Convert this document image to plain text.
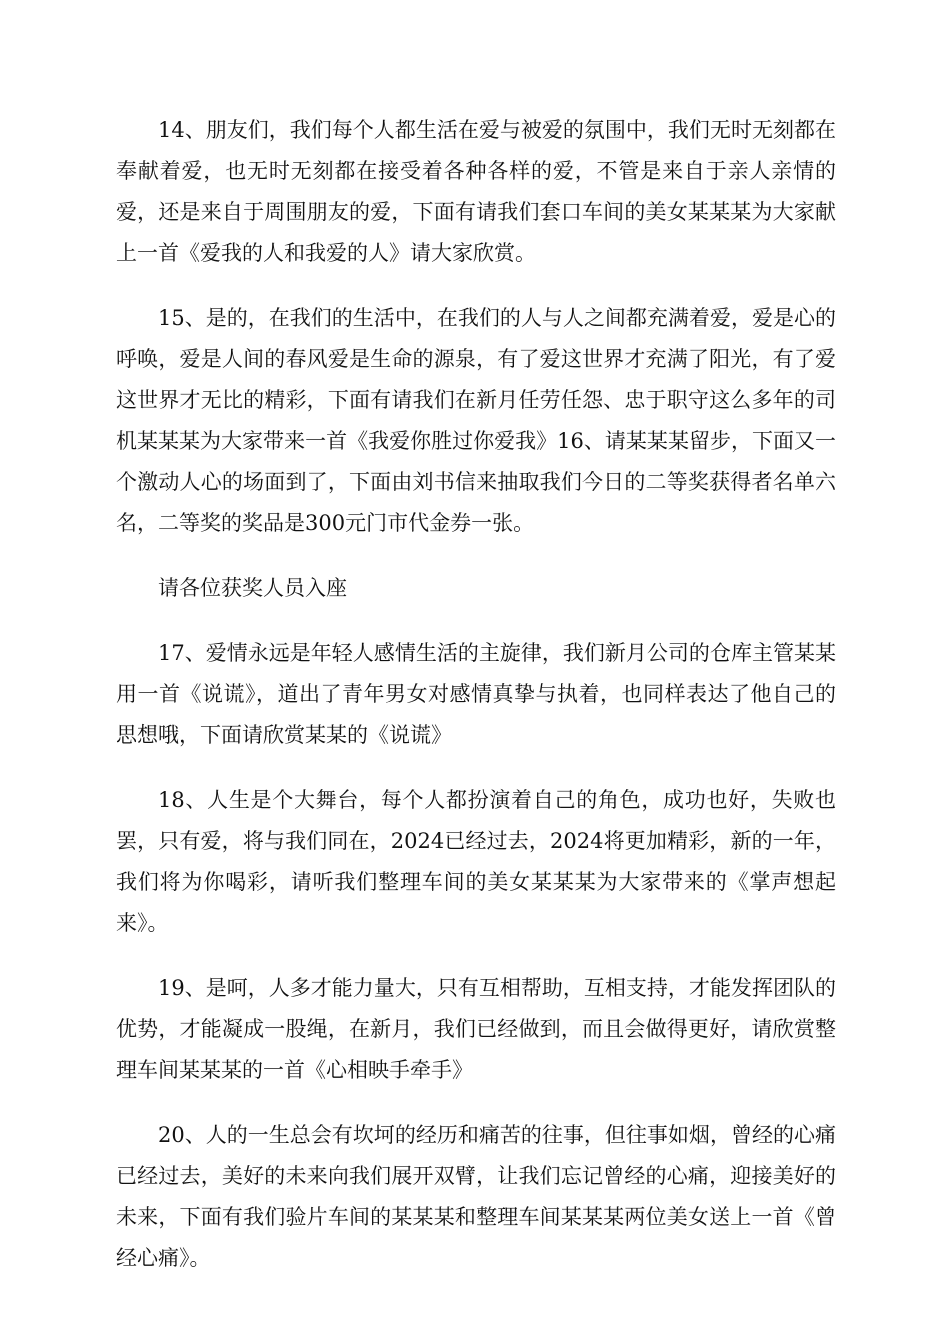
14、朋友们，我们每个人都生活在爱与被爱的氛围中，我们无时无刻都在奉献着爱，也无时无刻都在接受着各种各样的爱，不管是来自于亲人亲情的爱，还是来自于周围朋友的爱，下面有请我们套口车间的美女某某某为大家献上一首《爱我的人和我爱的人》请大家欣赏。

15、是的，在我们的生活中，在我们的人与人之间都充满着爱，爱是心的呼唤，爱是人间的春风爱是生命的源泉，有了爱这世界才充满了阳光，有了爱这世界才无比的精彩，下面有请我们在新月任劳任怨、忠于职守这么多年的司机某某某为大家带来一首《我爱你胜过你爱我》16、请某某某留步，下面又一个激动人心的场面到了，下面由刘书信来抽取我们今日的二等奖获得者名单六名，二等奖的奖品是300元门市代金券一张。

请各位获奖人员入座

17、爱情永远是年轻人感情生活的主旋律，我们新月公司的仓库主管某某用一首《说谎》，道出了青年男女对感情真挚与执着，也同样表达了他自己的思想哦，下面请欣赏某某的《说谎》

18、人生是个大舞台，每个人都扮演着自己的角色，成功也好，失败也罢，只有爱，将与我们同在，2024已经过去，2024将更加精彩，新的一年，我们将为你喝彩，请听我们整理车间的美女某某某为大家带来的《掌声想起来》。

19、是呵，人多才能力量大，只有互相帮助，互相支持，才能发挥团队的优势，才能凝成一股绳，在新月，我们已经做到，而且会做得更好，请欣赏整理车间某某某的一首《心相映手牵手》

20、人的一生总会有坎坷的经历和痛苦的往事，但往事如烟，曾经的心痛已经过去，美好的未来向我们展开双臂，让我们忘记曾经的心痛，迎接美好的未来，下面有我们验片车间的某某某和整理车间某某某两位美女送上一首《曾经心痛》。
